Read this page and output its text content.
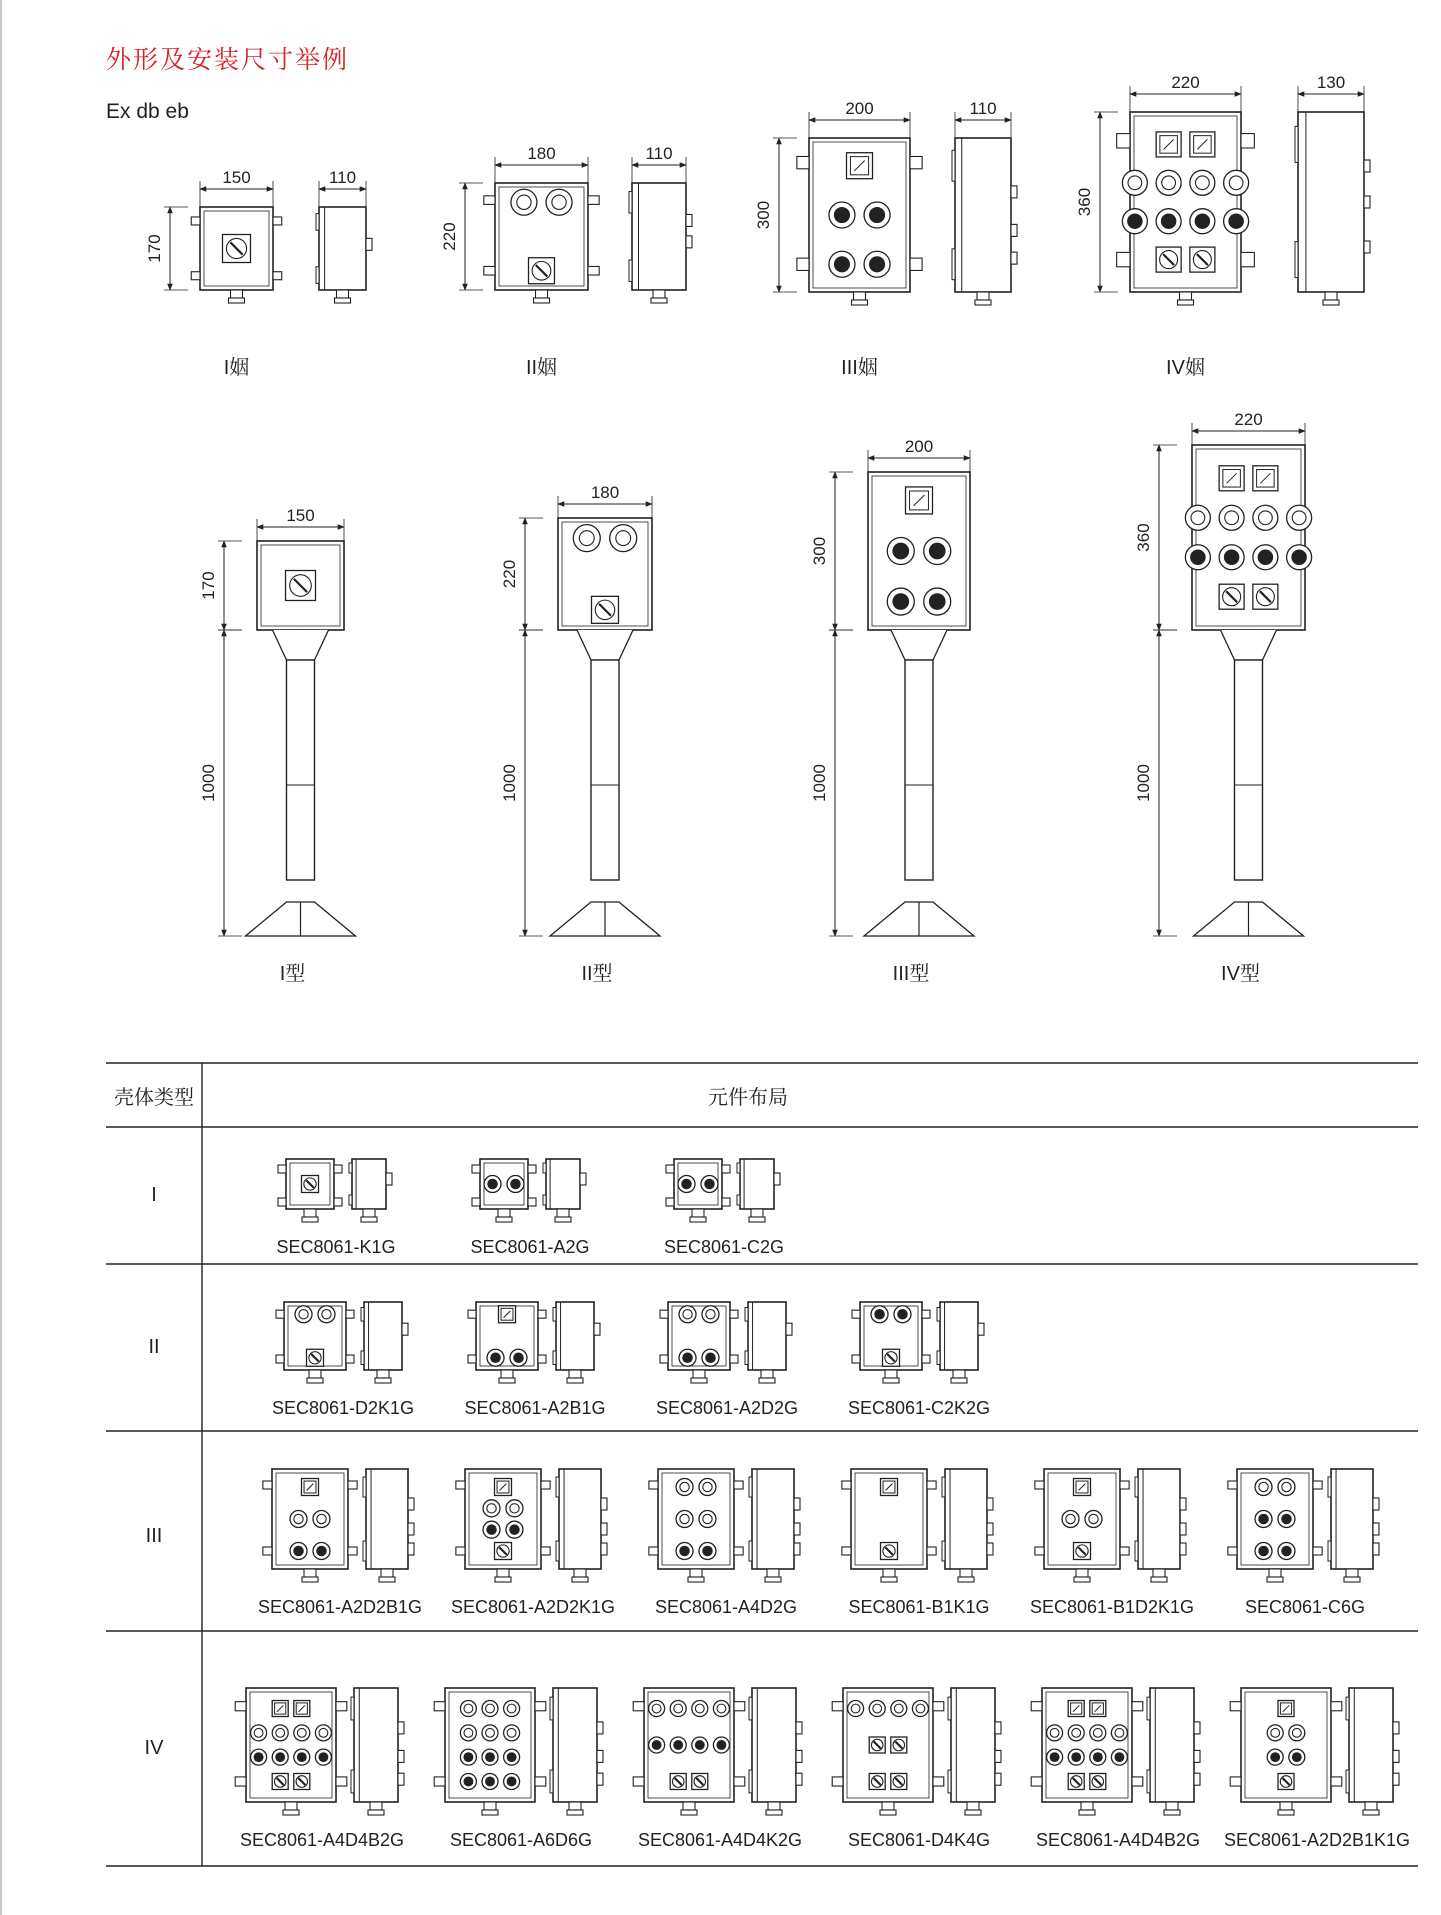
外形及安装尺寸举例
Ex db eb
150	110
170
I姻
180	110
220
II姻
200	110
300
III姻
220	130
360
IV姻
150
170
1000
I型
180
220
1000
II型
200
300
1000
III型
220
360
1000
IV型
壳体类型	元件布局
I
SEC8061-K1G	SEC8061-A2G	SEC8061-C2G
II
SEC8061-D2K1G	SEC8061-A2B1G	SEC8061-A2D2G	SEC8061-C2K2G
III
SEC8061-A2D2B1G SEC8061-A2D2K1G SEC8061-A4D2G	SEC8061-B1K1G SEC8061-B1D2K1G	SEC8061-C6G
IV
SEC8061-A4D4B2G	SEC8061-A6D6G	SEC8061-A4D4K2G	SEC8061-D4K4G	SEC8061-A4D4B2G SEC8061-A2D2B1K1G
